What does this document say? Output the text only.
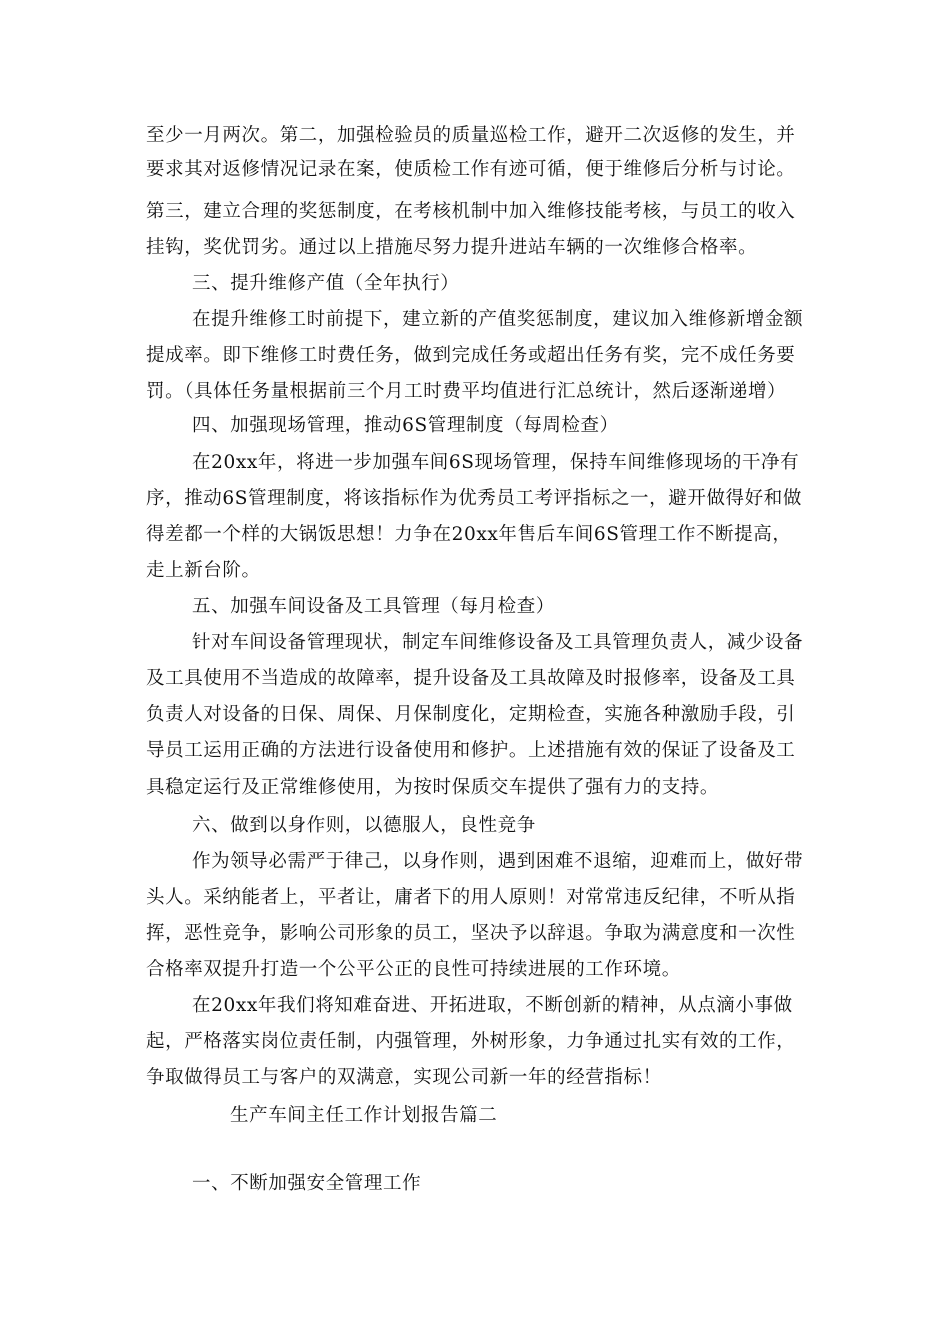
至少一月两次。第二，加强检验员的质量巡检工作，避开二次返修的发生，并
要求其对返修情况记录在案，使质检工作有迹可循，便于维修后分析与讨论。
第三，建立合理的奖惩制度，在考核机制中加入维修技能考核，与员工的收入
挂钩，奖优罚劣。通过以上措施尽努力提升进站车辆的一次维修合格率。
三、提升维修产值（全年执行）
在提升维修工时前提下，建立新的产值奖惩制度，建议加入维修新增金额
提成率。即下维修工时费任务，做到完成任务或超出任务有奖，完不成任务要
罚。（具体任务量根据前三个月工时费平均值进行汇总统计，然后逐渐递增）
四、加强现场管理，推动6S管理制度（每周检查）
在20xx年，将进一步加强车间6S现场管理，保持车间维修现场的干净有
序，推动6S管理制度，将该指标作为优秀员工考评指标之一，避开做得好和做
得差都一个样的大锅饭思想！力争在20xx年售后车间6S管理工作不断提高，
走上新台阶。
五、加强车间设备及工具管理（每月检查）
针对车间设备管理现状，制定车间维修设备及工具管理负责人，减少设备
及工具使用不当造成的故障率，提升设备及工具故障及时报修率，设备及工具
负责人对设备的日保、周保、月保制度化，定期检查，实施各种激励手段，引
导员工运用正确的方法进行设备使用和修护。上述措施有效的保证了设备及工
具稳定运行及正常维修使用，为按时保质交车提供了强有力的支持。
六、做到以身作则，以德服人，良性竞争
作为领导必需严于律己，以身作则，遇到困难不退缩，迎难而上，做好带
头人。采纳能者上，平者让，庸者下的用人原则！对常常违反纪律，不听从指
挥，恶性竞争，影响公司形象的员工，坚决予以辞退。争取为满意度和一次性
合格率双提升打造一个公平公正的良性可持续进展的工作环境。
在20xx年我们将知难奋进、开拓进取，不断创新的精神，从点滴小事做
起，严格落实岗位责任制，内强管理，外树形象，力争通过扎实有效的工作，
争取做得员工与客户的双满意，实现公司新一年的经营指标！
生产车间主任工作计划报告篇二
一、不断加强安全管理工作
